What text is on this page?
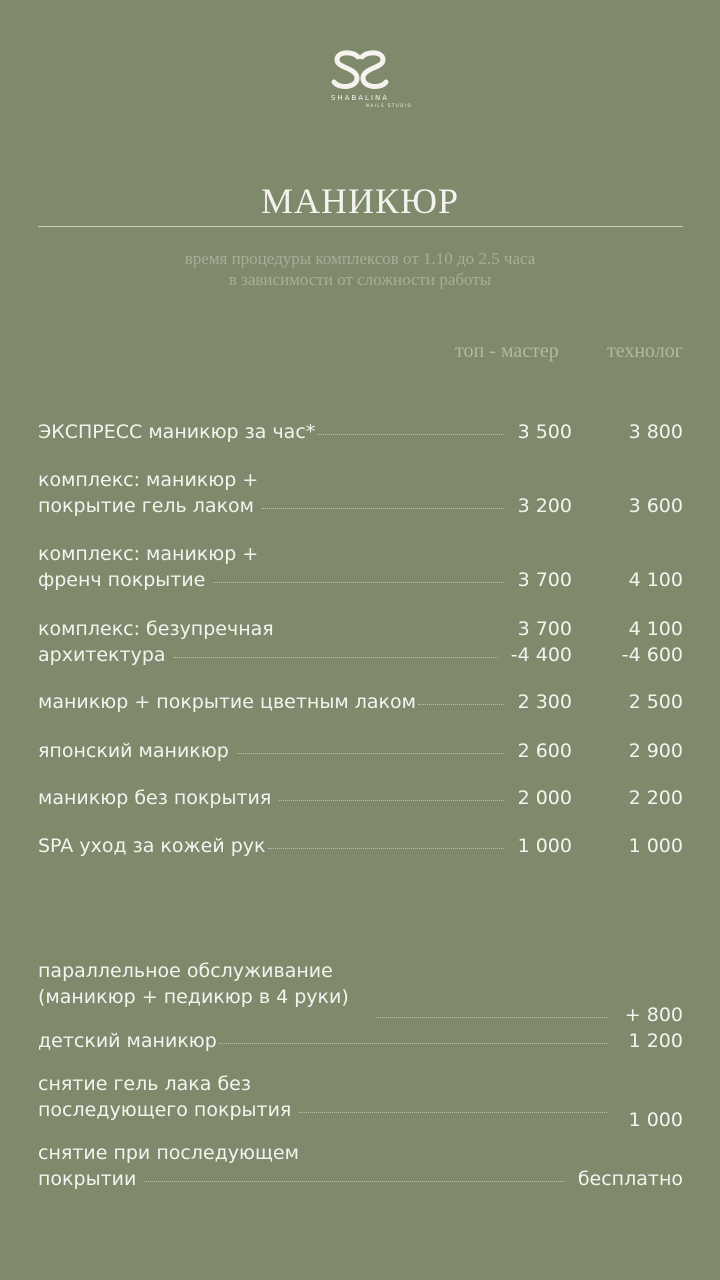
SHABALINA
NAILS STUDIO
МАНИКЮР
время процедуры комплексов от 1.10 до 2.5 часа
в зависимости от сложности работы
топ - мастер технолог
ЭКСПРЕСС маникюр за час*	3 500	3 800
комплекс: маникюр +
покрытие гель лаком	3 200	3 600
комплекс: маникюр +
френч покрытие	3 700	4 100
комплекс: безупречная	3 700	4 100
архитектура	-4 400	-4 600
маникюр + покрытие цветным лаком	2 300	2 500
японский маникюр	2 600	2 900
маникюр без покрытия	2 000	2 200
SPA уход за кожей рук	1 000	1 000
параллельное обслуживание
(маникюр + педикюр в 4 руки)
+ 800
детский маникюр	1 200
снятие гель лака без
последующего покрытия	1 000
снятие при последующем
покрытии	бесплатно
